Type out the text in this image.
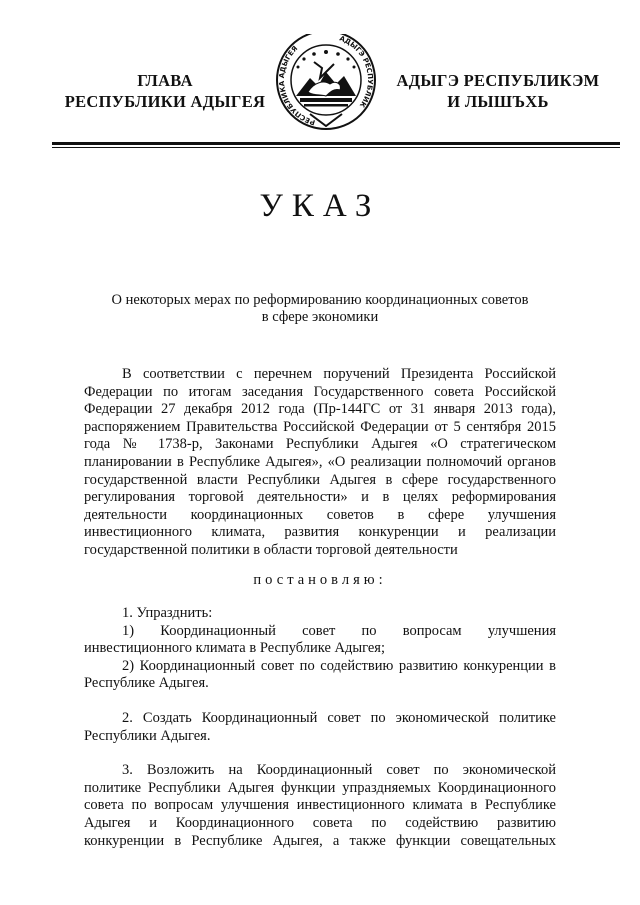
ГЛАВА
РЕСПУБЛИКИ АДЫГЕЯ
РЕСПУБЛИКА АДЫГЕЯ
АДЫГЭ РЕСПУБЛИК
АДЫГЭ РЕСПУБЛИКЭМ
И ЛЫШЪХЬ
УКАЗ
О некоторых мерах по реформированию координационных советов
в сфере экономики
В соответствии с перечнем поручений Президента Российской
Федерации по итогам заседания Государственного совета Российской
Федерации 27 декабря 2012 года (Пр-144ГС от 31 января 2013 года),
распоряжением Правительства Российской Федерации от 5 сентября 2015
года № 1738-р, Законами Республики Адыгея «О стратегическом
планировании в Республике Адыгея», «О реализации полномочий органов
государственной власти Республики Адыгея в сфере государственного
регулирования торговой деятельности» и в целях реформирования
деятельности координационных советов в сфере улучшения
инвестиционного климата, развития конкуренции и реализации
государственной политики в области торговой деятельности
постановляю:
1. Упразднить:
1) Координационный совет по вопросам улучшения
инвестиционного климата в Республике Адыгея;
2) Координационный совет по содействию развитию конкуренции в
Республике Адыгея.
2. Создать Координационный совет по экономической политике
Республики Адыгея.
3. Возложить на Координационный совет по экономической
политике Республики Адыгея функции упраздняемых Координационного
совета по вопросам улучшения инвестиционного климата в Республике
Адыгея и Координационного совета по содействию развитию
конкуренции в Республике Адыгея, а также функции совещательных
